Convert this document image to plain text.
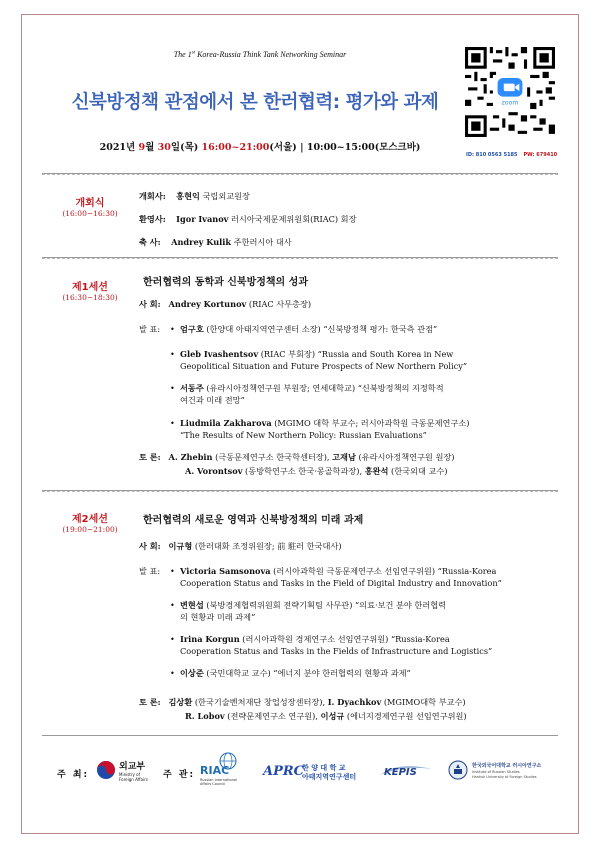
The 1st Korea-Russia Think Tank Networking Seminar
신북방정책 관점에서 본 한러협력: 평가와 과제
2021년 9월 30일(목) 16:00~21:00(서울) | 10:00~15:00(모스크바)
zoom
ID: 810 0563 5185 PW: 679410
개회식
(16:00~16:30)
개회사: 홍현익 국립외교원장
환영사: Igor Ivanov 러시아국제문제위원회(RIAC) 회장
축 사: Andrey Kulik 주한러시아 대사
제1세션
(16:30~18:30)
한러협력의 동학과 신북방정책의 성과
사 회: Andrey Kortunov (RIAC 사무총장)
발 표: • 엄구호 (한양대 아태지역연구센터 소장) “신북방정책 평가: 한국측 관점”
• Gleb Ivashentsov (RIAC 부회장) “Russia and South Korea in New
Geopolitical Situation and Future Prospects of New Northern Policy”
• 서동주 (유라시아정책연구원 부원장; 연세대학교) “신북방정책의 지정학적
여건과 미래 전망”
• Liudmila Zakharova (MGIMO 대학 부교수; 러시아과학원 극동문제연구소)
“The Results of New Northern Policy: Russian Evaluations”
토 론: A. Zhebin (극동문제연구소 한국학센터장), 고재남 (유라시아정책연구원 원장)
A. Vorontsov (동방학연구소 한국·몽골학과장), 홍완석 (한국외대 교수)
제2세션
(19:00~21:00)
한러협력의 새로운 영역과 신북방정책의 미래 과제
사 회: 이규형 (한러대화 조정위원장; 前 駐러 한국대사)
발 표: • Victoria Samsonova (러시아과학원 극동문제연구소 선임연구위원) “Russia-Korea
Cooperation Status and Tasks in the Field of Digital Industry and Innovation”
• 변현섭 (북방경제협력위원회 전략기획팀 사무관) “의료·보건 분야 한러협력
의 현황과 미래 과제”
• Irina Korgun (러시아과학원 경제연구소 선임연구위원) “Russia-Korea
Cooperation Status and Tasks in the Fields of Infrastructure and Logistics”
• 이상준 (국민대학교 교수) “에너지 분야 한러협력의 현황과 과제”
토 론: 김상환 (한국기술벤처재단 창업성장센터장), I. Dyachkov (MGIMO대학 부교수)
R. Lobov (전략문제연구소 연구원), 이성규 (에너지경제연구원 선임연구위원)
주 최:
외교부
Ministry of
Foreign Affairs 주 관: RIAC
Russian International
Affairs Council
APRC
한 양 대 학 교
아태지역연구센터	KEPIS
한국외국어대학교 러시아연구소
Institute of Russian Studies
Hankuk University of Foreign Studies
